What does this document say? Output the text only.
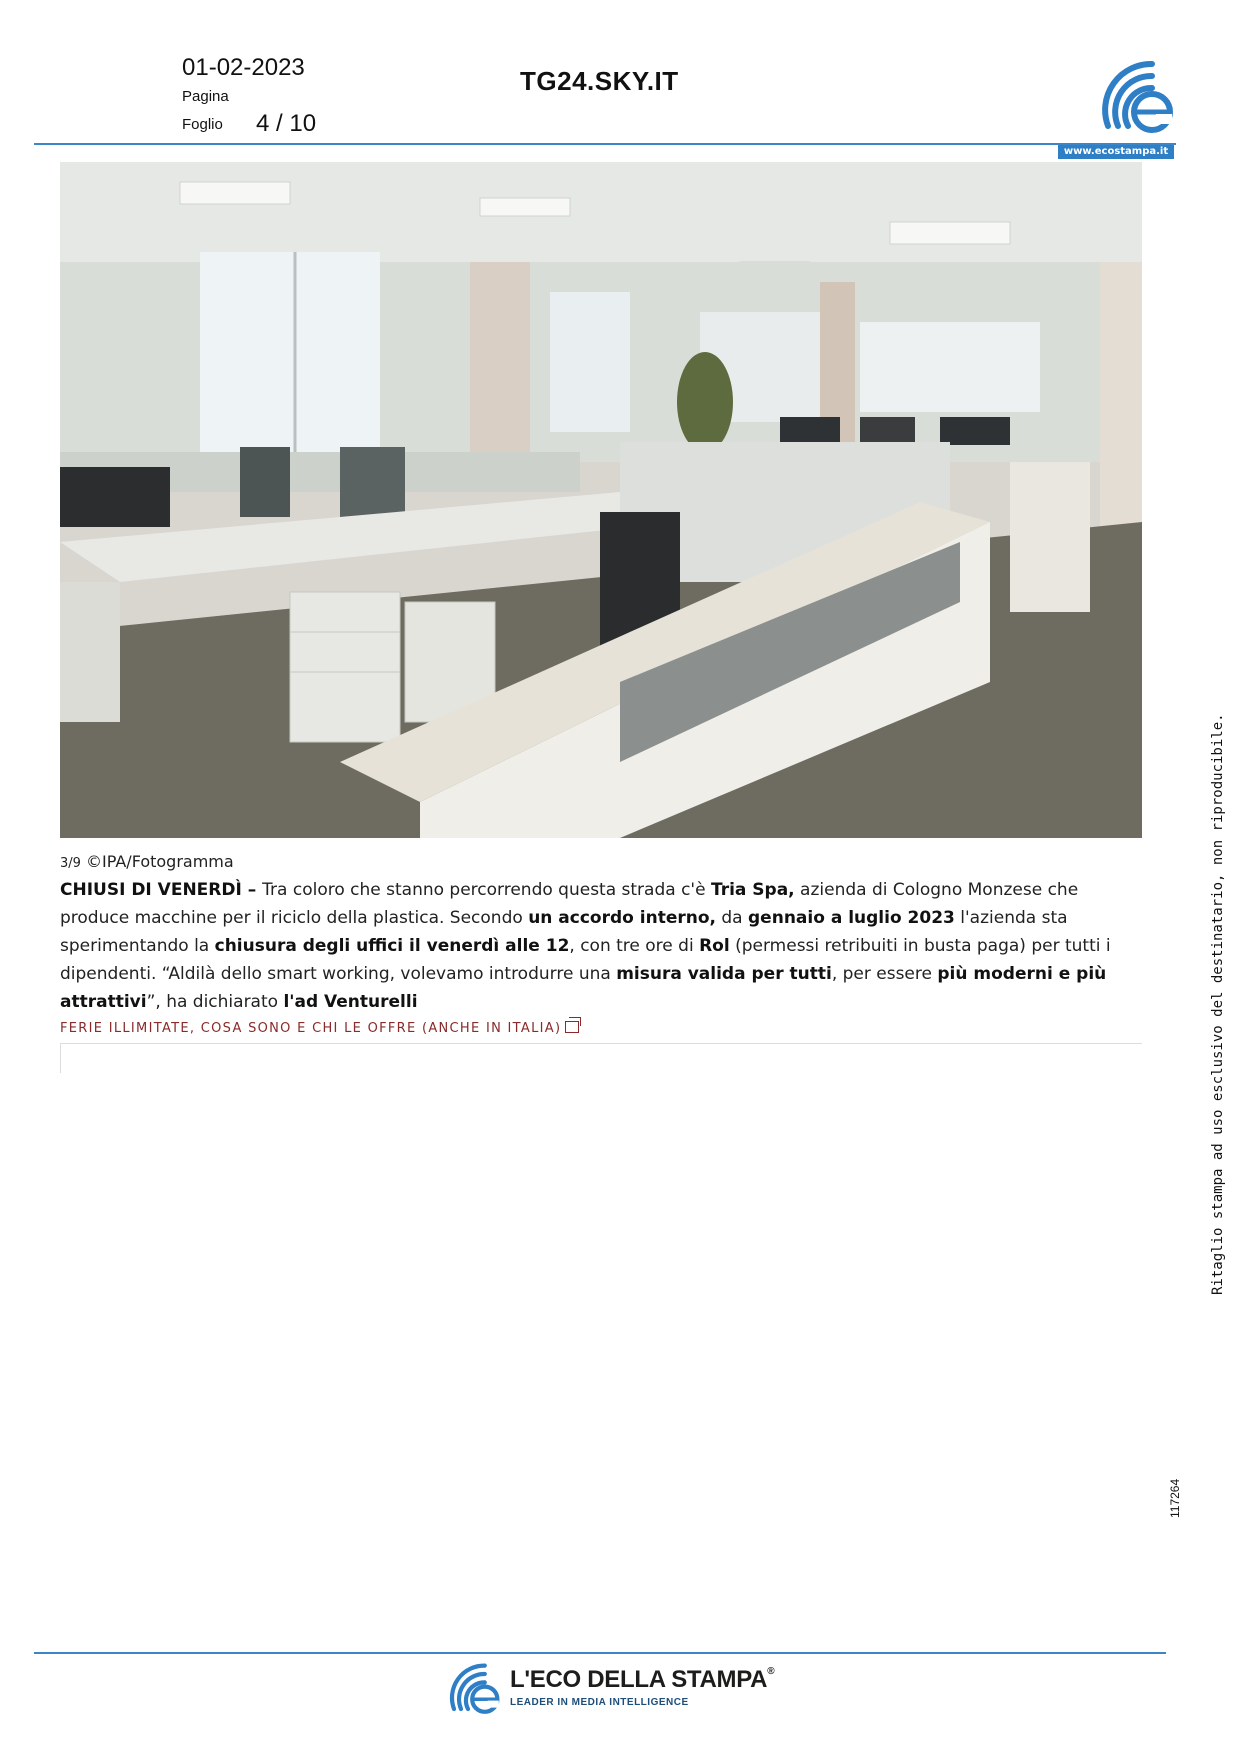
01-02-2023
Pagina
Foglio 4 / 10
TG24.SKY.IT
www.ecostampa.it
3/9 ©IPA/Fotogramma
CHIUSI DI VENERDÌ – Tra coloro che stanno percorrendo questa strada c'è Tria Spa, azienda di Cologno Monzese che produce macchine per il riciclo della plastica. Secondo un accordo interno, da gennaio a luglio 2023 l'azienda sta sperimentando la chiusura degli uffici il venerdì alle 12, con tre ore di Rol (permessi retribuiti in busta paga) per tutti i dipendenti. “Aldilà dello smart working, volevamo introdurre una misura valida per tutti, per essere più moderni e più attrattivi”, ha dichiarato l'ad Venturelli
FERIE ILLIMITATE, COSA SONO E CHI LE OFFRE (ANCHE IN ITALIA)	Ritaglio stampa ad uso esclusivo del destinatario, non riproducibile.
117264
L'ECO DELLA STAMPA®
LEADER IN MEDIA INTELLIGENCE
